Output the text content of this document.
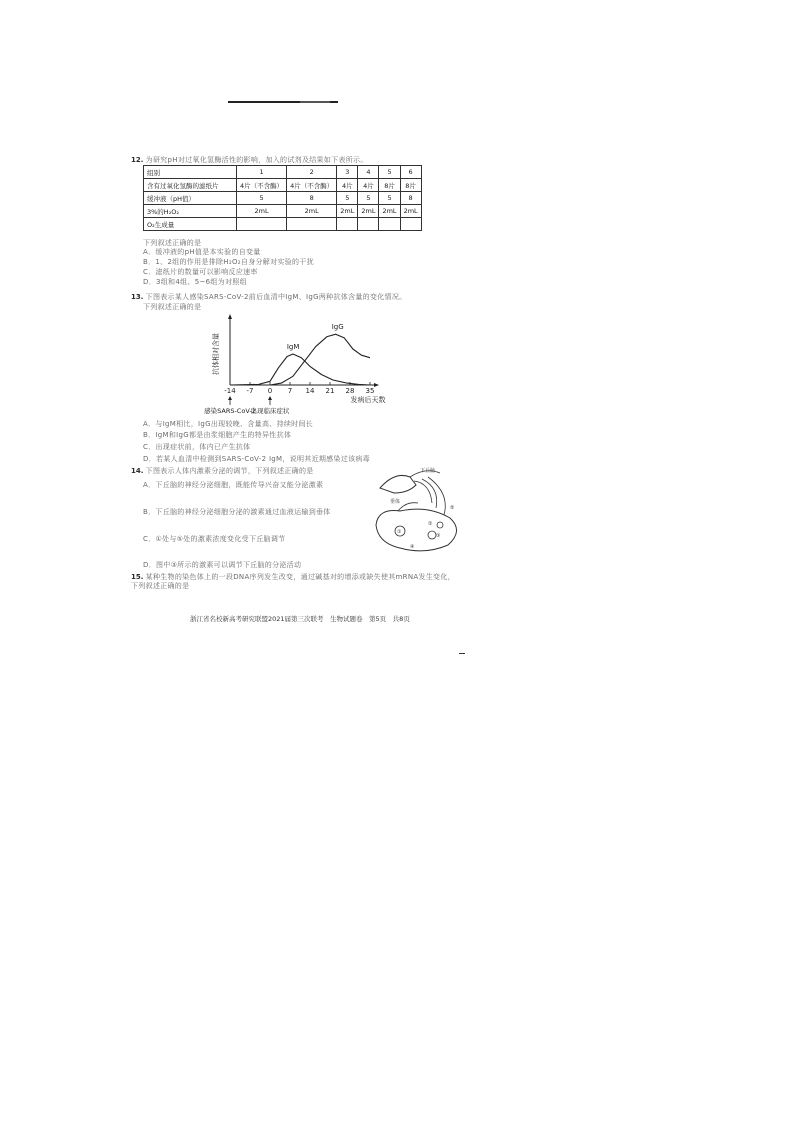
12. 为研究pH对过氧化氢酶活性的影响，加入的试剂及结果如下表所示。
组别	1	2	3	4	5	6
含有过氧化氢酶的滤纸片	4片（不含酶）	4片（不含酶）	4片	4片	8片	8片
缓冲液（pH值）	5	8	5	5	5	8
3%的H₂O₂	2mL	2mL	2mL	2mL	2mL	2mL
O₂生成量						
下列叙述正确的是
A．缓冲液的pH值是本实验的自变量
B．1、2组的作用是排除H₂O₂自身分解对实验的干扰
C．滤纸片的数量可以影响反应速率
D．3组和4组、5~6组为对照组
13. 下图表示某人感染SARS-CoV-2前后血清中IgM、IgG两种抗体含量的变化情况。
下列叙述正确的是
-14 -7 0 7 14 21 28 35
抗体相对含量
发病后天数
IgM
IgG
感染SARS-CoV-2
出现临床症状
A．与IgM相比，IgG出现较晚、含量高、持续时间长
B．IgM和IgG都是由浆细胞产生的特异性抗体
C．出现症状前，体内已产生抗体
D．若某人血清中检测到SARS-CoV-2 IgM，说明其近期感染过该病毒
14. 下图表示人体内激素分泌的调节，下列叙述正确的是
A．下丘脑的神经分泌细胞，既能传导兴奋又能分泌激素
B．下丘脑的神经分泌细胞分泌的激素通过血液运输到垂体
C．①处与⑤处的激素浓度变化受下丘脑调节
D．图中③所示的激素可以调节下丘脑的分泌活动
下丘脑
垂体
①
②
③
④
⑤
15. 某种生物的染色体上的一段DNA序列发生改变，通过碱基对的增添或缺失使其mRNA发生变化，下列叙述正确的是
浙江省名校新高考研究联盟2021届第三次联考　生物试题卷　第5页　共8页
